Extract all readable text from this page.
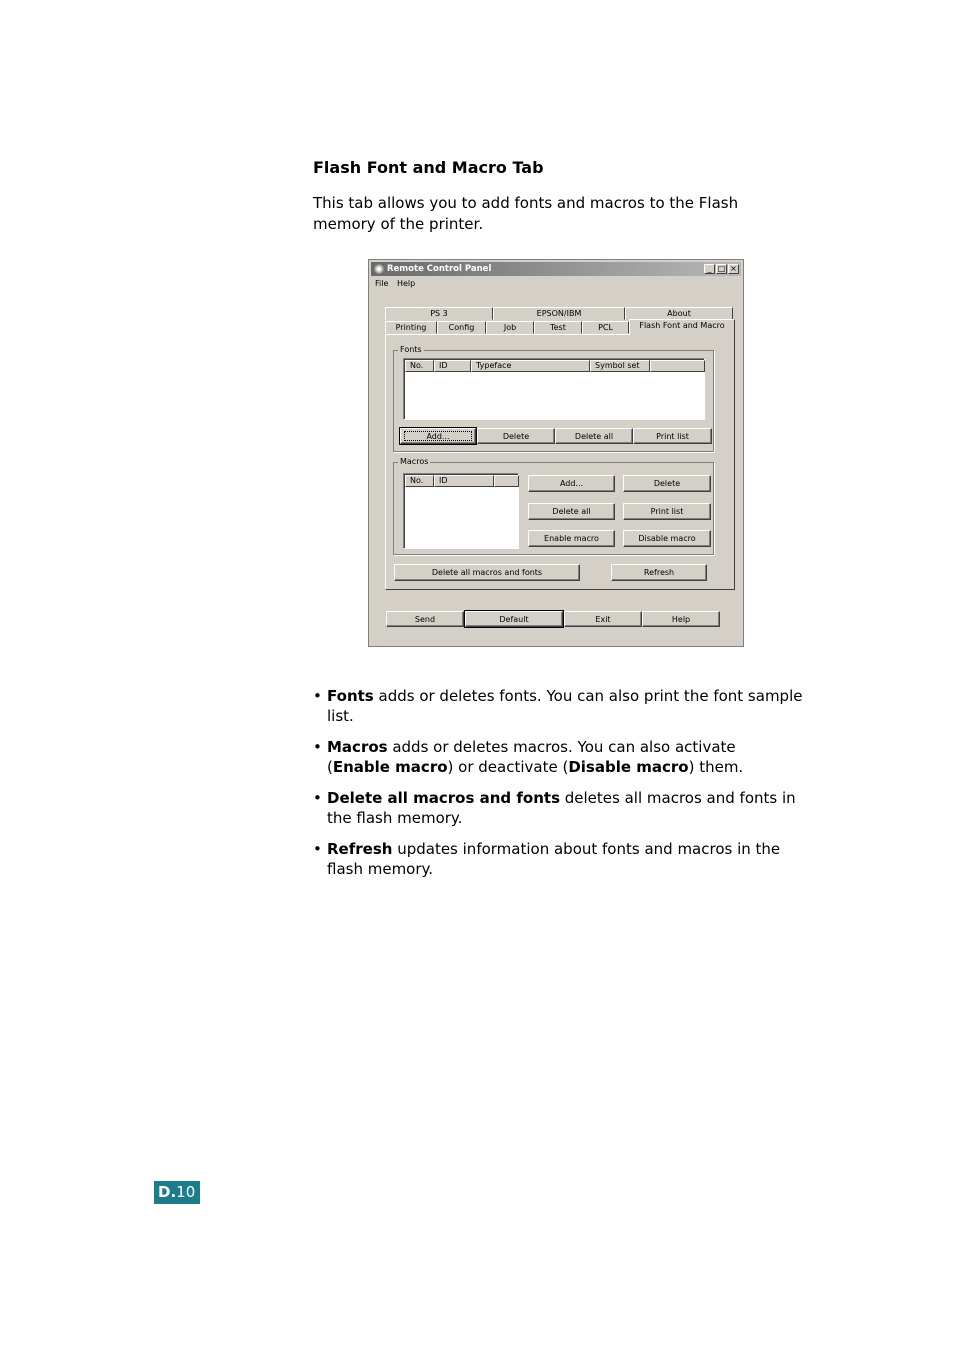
Flash Font and Macro Tab
This tab allows you to add fonts and macros to the Flash memory of the printer.
Remote Control Panel	_ □ ×
File Help
PS 3	EPSON/IBM	About
Printing	Config	Job	Test	PCL	Flash Font and Macro
Fonts
No.	ID	Typeface	Symbol set
Add...	Delete	Delete all	Print list
Macros
No.	ID	Add...	Delete
Delete all	Print list
Enable macro	Disable macro
Delete all macros and fonts	Refresh
Send	Default	Exit	Help
• Fonts adds or deletes fonts. You can also print the font sample list.
• Macros adds or deletes macros. You can also activate (Enable macro) or deactivate (Disable macro) them.
• Delete all macros and fonts deletes all macros and fonts in the flash memory.
• Refresh updates information about fonts and macros in the flash memory.
D.10
